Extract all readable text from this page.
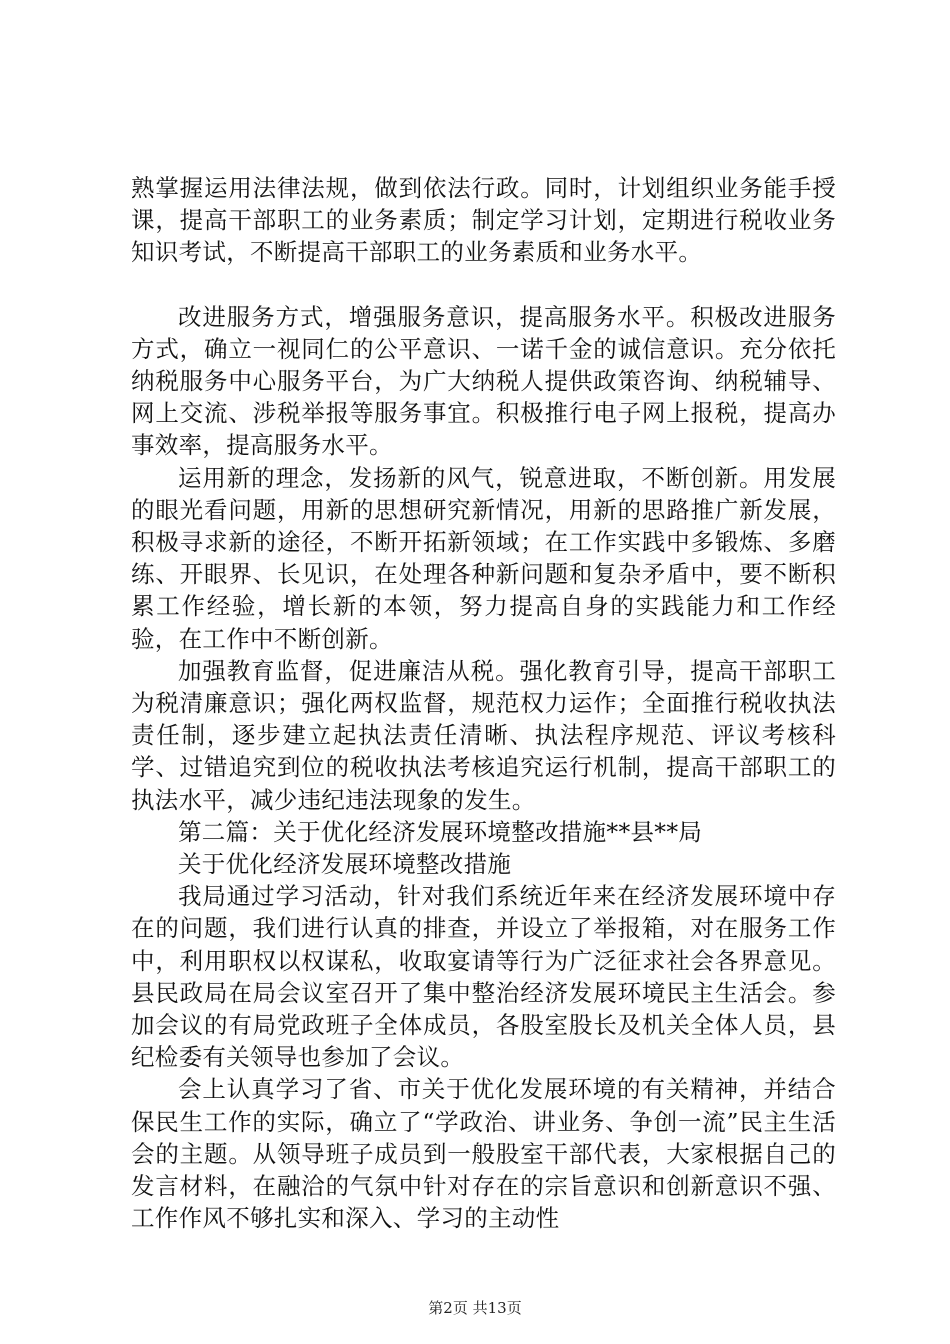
熟掌握运用法律法规，做到依法行政。同时，计划组织业务能手授课，提高干部职工的业务素质；制定学习计划，定期进行税收业务知识考试，不断提高干部职工的业务素质和业务水平。

改进服务方式，增强服务意识，提高服务水平。积极改进服务方式，确立一视同仁的公平意识、一诺千金的诚信意识。充分依托纳税服务中心服务平台，为广大纳税人提供政策咨询、纳税辅导、网上交流、涉税举报等服务事宜。积极推行电子网上报税，提高办事效率，提高服务水平。

运用新的理念，发扬新的风气，锐意进取，不断创新。用发展的眼光看问题，用新的思想研究新情况，用新的思路推广新发展，积极寻求新的途径，不断开拓新领域；在工作实践中多锻炼、多磨练、开眼界、长见识，在处理各种新问题和复杂矛盾中，要不断积累工作经验，增长新的本领，努力提高自身的实践能力和工作经验，在工作中不断创新。

加强教育监督，促进廉洁从税。强化教育引导，提高干部职工为税清廉意识；强化两权监督，规范权力运作；全面推行税收执法责任制，逐步建立起执法责任清晰、执法程序规范、评议考核科学、过错追究到位的税收执法考核追究运行机制，提高干部职工的执法水平，减少违纪违法现象的发生。

第二篇：关于优化经济发展环境整改措施**县**局

关于优化经济发展环境整改措施

我局通过学习活动，针对我们系统近年来在经济发展环境中存在的问题，我们进行认真的排查，并设立了举报箱，对在服务工作中，利用职权以权谋私，收取宴请等行为广泛征求社会各界意见。县民政局在局会议室召开了集中整治经济发展环境民主生活会。参加会议的有局党政班子全体成员，各股室股长及机关全体人员，县纪检委有关领导也参加了会议。

会上认真学习了省、市关于优化发展环境的有关精神，并结合保民生工作的实际，确立了“学政治、讲业务、争创一流”民主生活会的主题。从领导班子成员到一般股室干部代表，大家根据自己的发言材料，在融洽的气氛中针对存在的宗旨意识和创新意识不强、工作作风不够扎实和深入、学习的主动性

第2页 共13页
